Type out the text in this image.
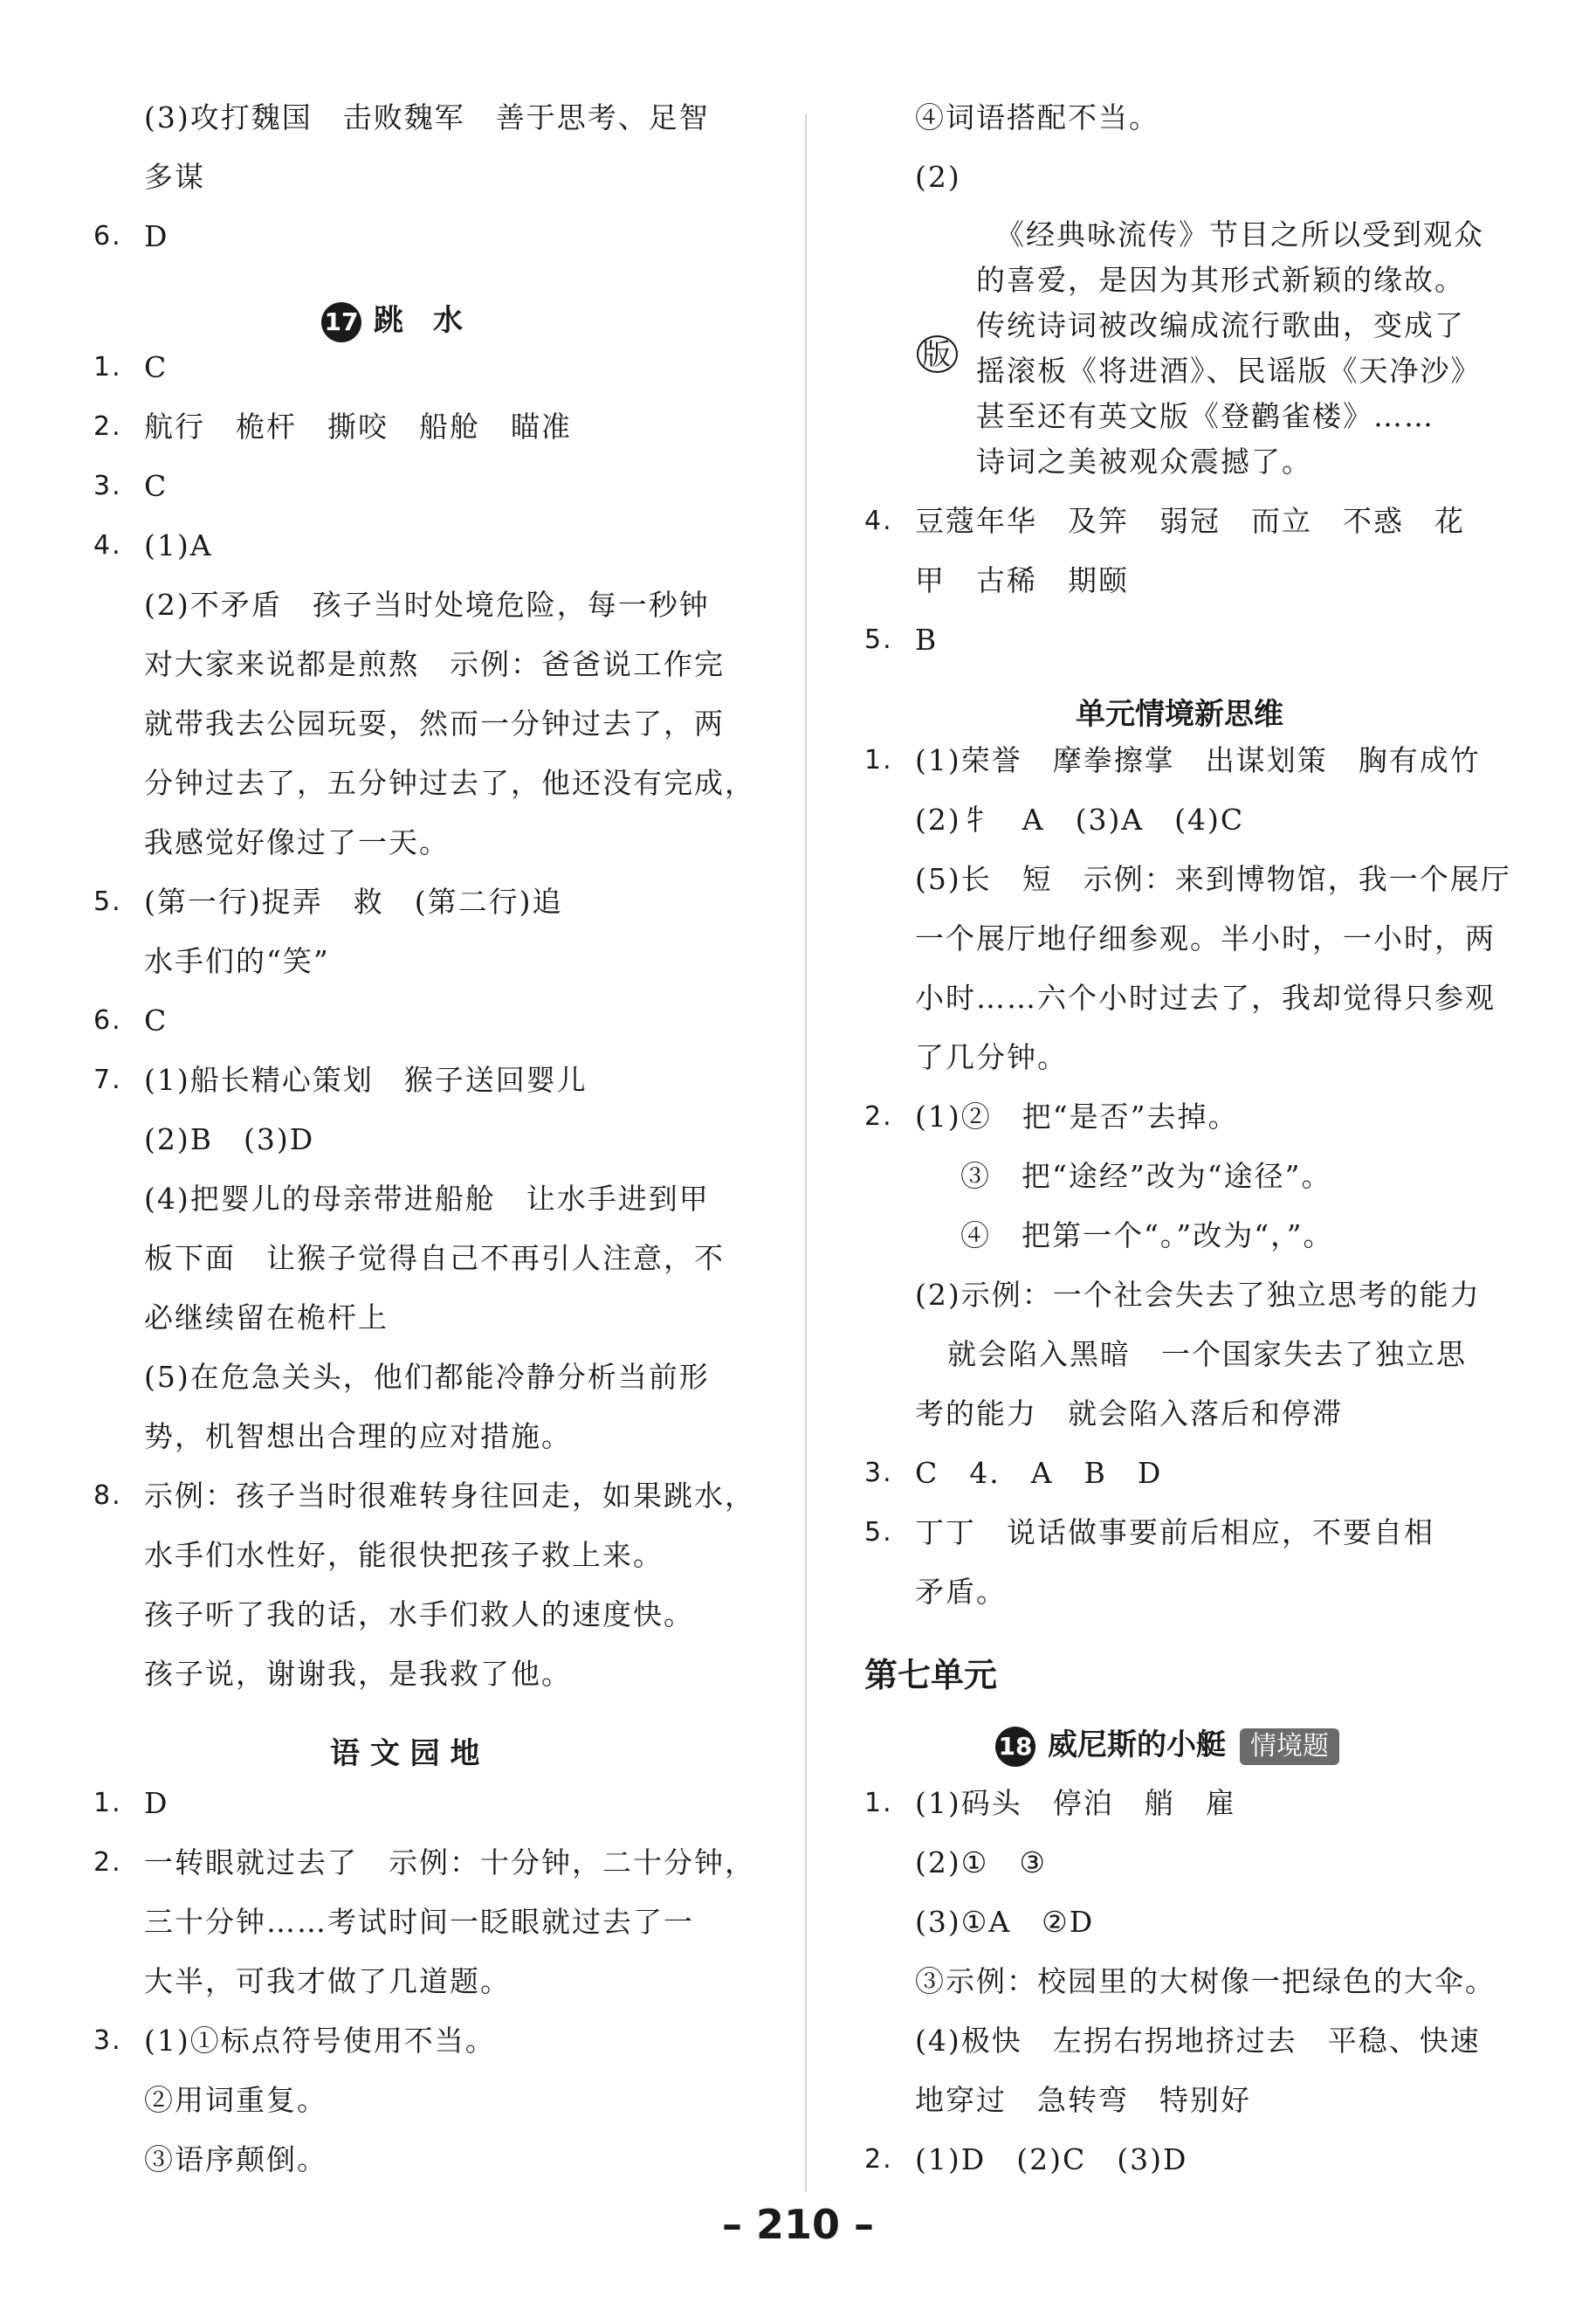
(3)攻打魏国　击败魏军　善于思考、足智
多谋
6. D
1. C
2. 航行　桅杆　撕咬　船舱　瞄准
3. C
4. (1)A
(2)不矛盾　孩子当时处境危险，每一秒钟
对大家来说都是煎熬　示例：爸爸说工作完
就带我去公园玩耍，然而一分钟过去了，两
分钟过去了，五分钟过去了，他还没有完成，
我感觉好像过了一天。
5. (第一行)捉弄　救　(第二行)追
水手们的“笑”
6. C
7. (1)船长精心策划　猴子送回婴儿
(2)B　(3)D
(4)把婴儿的母亲带进船舱　让水手进到甲
板下面　让猴子觉得自己不再引人注意，不
必继续留在桅杆上
(5)在危急关头，他们都能冷静分析当前形
势，机智想出合理的应对措施。
8. 示例：孩子当时很难转身往回走，如果跳水，
水手们水性好，能很快把孩子救上来。
孩子听了我的话，水手们救人的速度快。
孩子说，谢谢我，是我救了他。
1. D
2. 一转眼就过去了　示例：十分钟，二十分钟，
三十分钟……考试时间一眨眼就过去了一
大半，可我才做了几道题。
3. (1)①标点符号使用不当。
②用词重复。
③语序颠倒。
④词语搭配不当。
(2)
《经典咏流传》节目之所以受到观众
的喜爱，是因为其形式新颖的缘故。
传统诗词被改编成流行歌曲，变成了
摇滚板《将进酒》、民谣版《天净沙》
甚至还有英文版《登鹳雀楼》……
诗词之美被观众震撼了。
4. 豆蔻年华　及笄　弱冠　而立　不惑　花
甲　古稀　期颐
5. B
1. (1)荣誉　摩拳擦掌　出谋划策　胸有成竹
(2)牜　A　(3)A　(4)C
(5)长　短　示例：来到博物馆，我一个展厅
一个展厅地仔细参观。半小时，一小时，两
小时……六个小时过去了，我却觉得只参观
了几分钟。
2. (1)②　把“是否”去掉。
③　把“途经”改为“途径”。
④　把第一个“。”改为“，”。
(2)示例：一个社会失去了独立思考的能力
就会陷入黑暗　一个国家失去了独立思
考的能力　就会陷入落后和停滞
3. C　4.　A　B　D
5. 丁丁　说话做事要前后相应，不要自相
矛盾。
1. (1)码头　停泊　艄　雇
(2)①　③
(3)①A　②D
③示例：校园里的大树像一把绿色的大伞。
(4)极快　左拐右拐地挤过去　平稳、快速
地穿过　急转弯　特别好
2. (1)D　(2)C　(3)D
17 跳　水
语 文 园 地
单元情境新思维
第七单元
18 威尼斯的小艇 情境题
版
– 210 –
